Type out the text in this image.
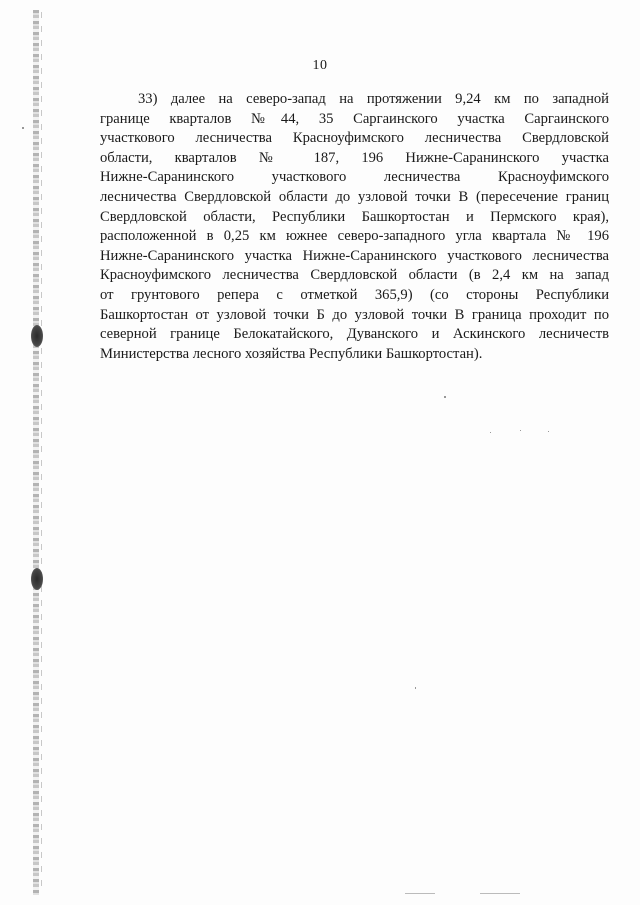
10

33) далее на северо-запад на протяжении 9,24 км по западной
границе кварталов №44, 35 Саргаинского участка Саргаинского
участкового лесничества Красноуфимского лесничества Свердловской
области, кварталов № 187, 196 Нижне-Саранинского участка
Нижне-Саранинского участкового лесничества Красноуфимского
лесничества Свердловской области до узловой точки В (пересечение границ
Свердловской области, Республики Башкортостан и Пермского края),
расположенной в 0,25 км южнее северо-западного угла квартала № 196
Нижне-Саранинского участка Нижне-Саранинского участкового лесничества
Красноуфимского лесничества Свердловской области (в 2,4 км на запад
от грунтового репера с отметкой 365,9) (со стороны Республики
Башкортостан от узловой точки Б до узловой точки В граница проходит по
северной границе Белокатайского, Дуванского и Аскинского лесничеств
Министерства лесного хозяйства Республики Башкортостан).
